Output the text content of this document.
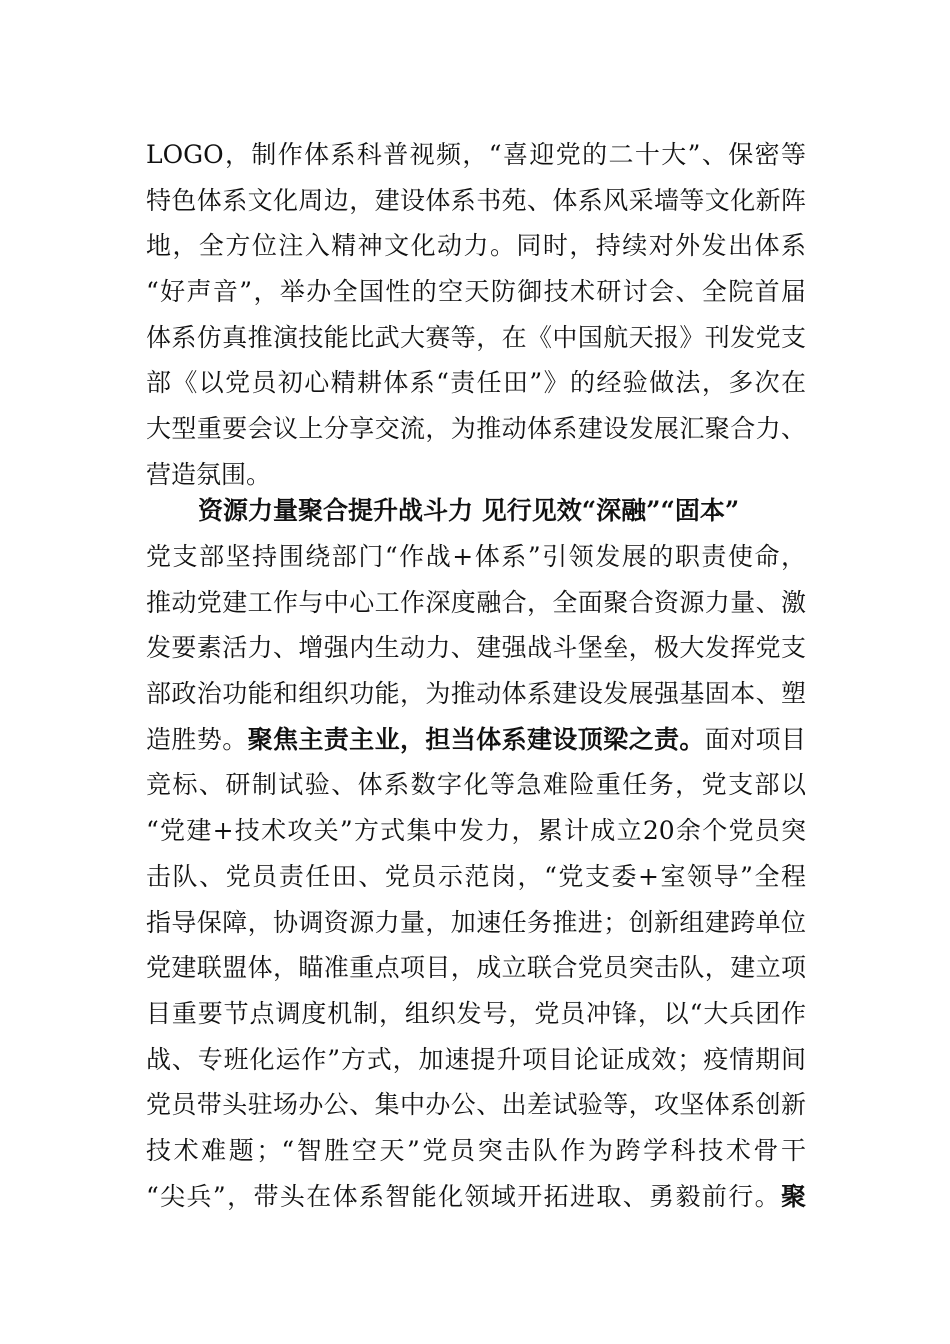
LOGO，制作体系科普视频，“喜迎党的二十大”、保密等
特色体系文化周边，建设体系书苑、体系风采墙等文化新阵
地，全方位注入精神文化动力。同时，持续对外发出体系
“好声音”，举办全国性的空天防御技术研讨会、全院首届
体系仿真推演技能比武大赛等，在《中国航天报》刊发党支
部《以党员初心精耕体系“责任田”》的经验做法，多次在
大型重要会议上分享交流，为推动体系建设发展汇聚合力、
营造氛围。
资源力量聚合提升战斗力 见行见效“深融”“固本”
党支部坚持围绕部门“作战+体系”引领发展的职责使命，
推动党建工作与中心工作深度融合，全面聚合资源力量、激
发要素活力、增强内生动力、建强战斗堡垒，极大发挥党支
部政治功能和组织功能，为推动体系建设发展强基固本、塑
造胜势。聚焦主责主业，担当体系建设顶梁之责。面对项目
竞标、研制试验、体系数字化等急难险重任务，党支部以
“党建+技术攻关”方式集中发力，累计成立20余个党员突
击队、党员责任田、党员示范岗，“党支委+室领导”全程
指导保障，协调资源力量，加速任务推进；创新组建跨单位
党建联盟体，瞄准重点项目，成立联合党员突击队，建立项
目重要节点调度机制，组织发号，党员冲锋，以“大兵团作
战、专班化运作”方式，加速提升项目论证成效；疫情期间
党员带头驻场办公、集中办公、出差试验等，攻坚体系创新
技术难题；“智胜空天”党员突击队作为跨学科技术骨干
“尖兵”，带头在体系智能化领域开拓进取、勇毅前行。聚
